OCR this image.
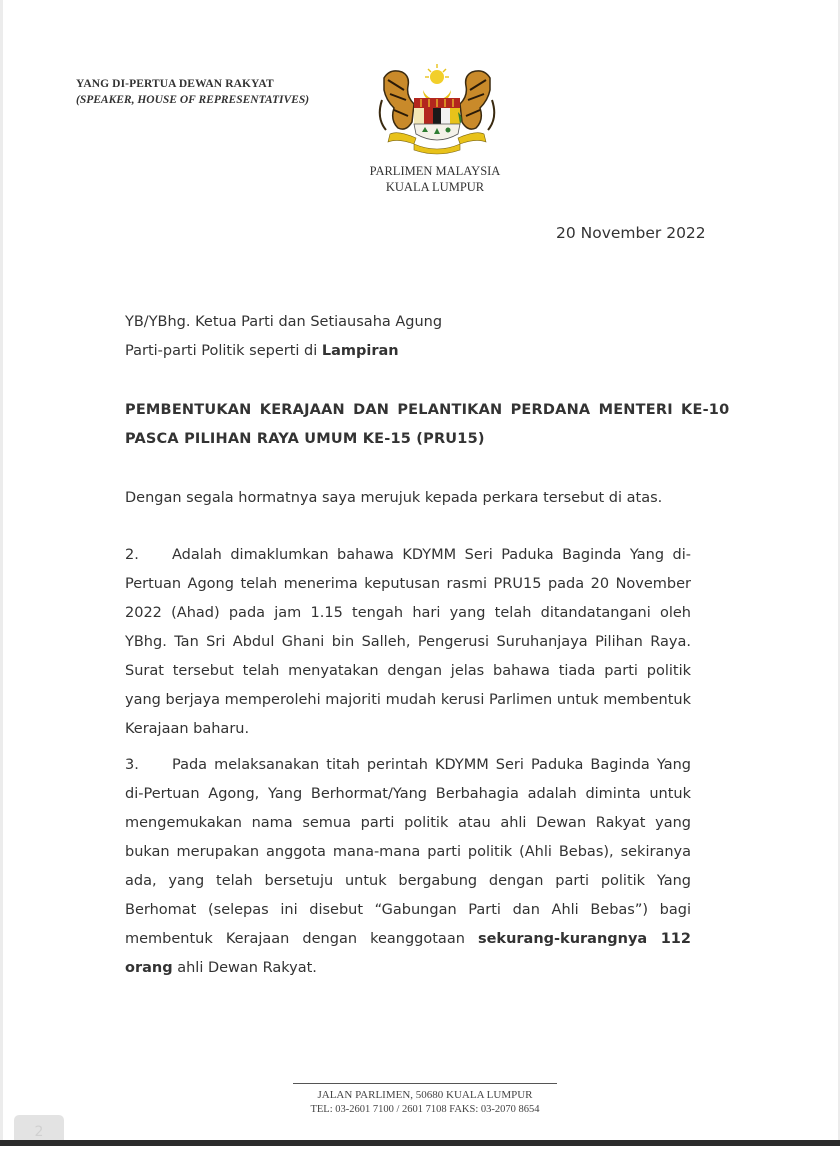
YANG DI-PERTUA DEWAN RAKYAT
(SPEAKER, HOUSE OF REPRESENTATIVES)
PARLIMEN MALAYSIA
KUALA LUMPUR
20 November 2022
YB/YBhg. Ketua Parti dan Setiausaha Agung
Parti-parti Politik seperti di Lampiran
PEMBENTUKAN KERAJAAN DAN PELANTIKAN PERDANA MENTERI KE-10
PASCA PILIHAN RAYA UMUM KE-15 (PRU15)
Dengan segala hormatnya saya merujuk kepada perkara tersebut di atas.
2. Adalah dimaklumkan bahawa KDYMM Seri Paduka Baginda Yang di-Pertuan Agong telah menerima keputusan rasmi PRU15 pada 20 November 2022 (Ahad) pada jam 1.15 tengah hari yang telah ditandatangani oleh YBhg. Tan Sri Abdul Ghani bin Salleh, Pengerusi Suruhanjaya Pilihan Raya. Surat tersebut telah menyatakan dengan jelas bahawa tiada parti politik yang berjaya memperolehi majoriti mudah kerusi Parlimen untuk membentuk Kerajaan baharu.
3. Pada melaksanakan titah perintah KDYMM Seri Paduka Baginda Yang di-Pertuan Agong, Yang Berhormat/Yang Berbahagia adalah diminta untuk mengemukakan nama semua parti politik atau ahli Dewan Rakyat yang bukan merupakan anggota mana-mana parti politik (Ahli Bebas), sekiranya ada, yang telah bersetuju untuk bergabung dengan parti politik Yang Berhomat (selepas ini disebut “Gabungan Parti dan Ahli Bebas”) bagi membentuk Kerajaan dengan keanggotaan sekurang-kurangnya 112 orang ahli Dewan Rakyat.
JALAN PARLIMEN, 50680 KUALA LUMPUR
TEL: 03-2601 7100 / 2601 7108 FAKS: 03-2070 8654
2
